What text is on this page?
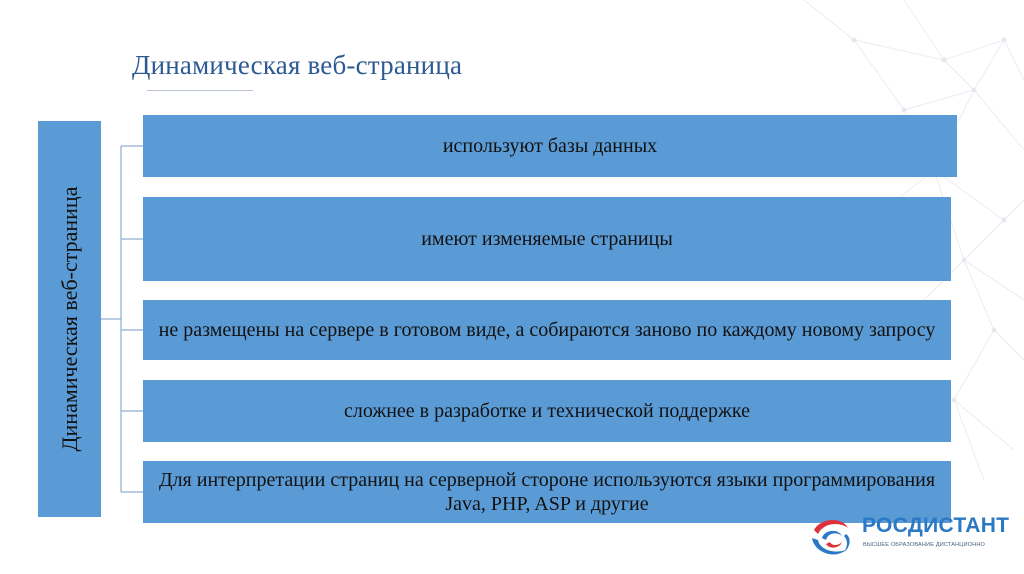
Динамическая веб-страница
Динамическая веб-страница
используют базы данных
имеют изменяемые страницы
не размещены на сервере в готовом виде, а собираются заново по каждому новому запросу
сложнее в разработке и технической поддержке
Для интерпретации страниц на серверной стороне используются языки программирования Java, PHP, ASP и другие
РОСДИСТАНТ
ВЫСШЕЕ ОБРАЗОВАНИЕ ДИСТАНЦИОННО
